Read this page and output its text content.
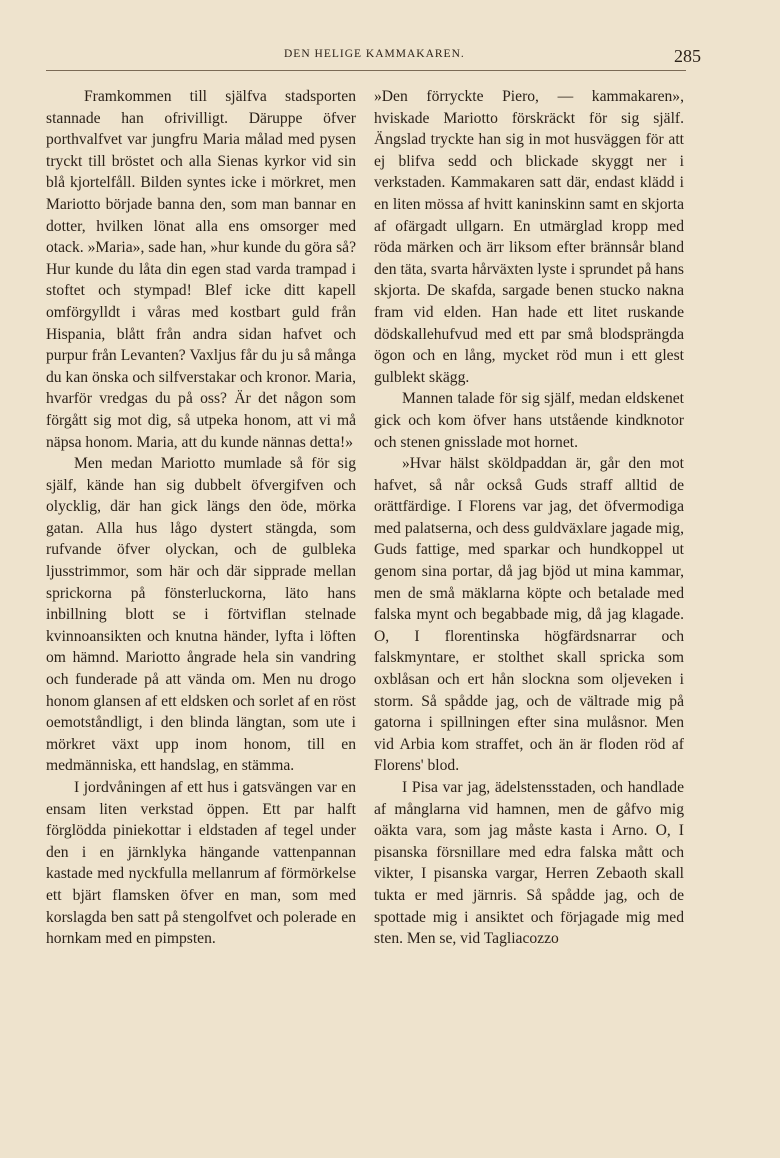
DEN HELIGE KAMMAKAREN.	285

Framkommen till själfva stadsporten stannade han ofrivilligt. Däruppe öfver porthvalfvet var jungfru Maria målad med pysen tryckt till bröstet och alla Sienas kyrkor vid sin blå kjortelfåll. Bilden syntes icke i mörkret, men Mariotto började banna den, som man bannar en dotter, hvilken lönat alla ens omsorger med otack. »Maria», sade han, »hur kunde du göra så? Hur kunde du låta din egen stad varda trampad i stoftet och stympad! Blef icke ditt kapell omförgylldt i våras med kostbart guld från Hispania, blått från andra sidan hafvet och purpur från Levanten? Vaxljus får du ju så många du kan önska och silfverstakar och kronor. Maria, hvarför vredgas du på oss? Är det någon som förgått sig mot dig, så utpeka honom, att vi må näpsa honom. Maria, att du kunde nännas detta!»

Men medan Mariotto mumlade så för sig själf, kände han sig dubbelt öfvergifven och olycklig, där han gick längs den öde, mörka gatan. Alla hus lågo dystert stängda, som rufvande öfver olyckan, och de gulbleka ljusstrimmor, som här och där sipprade mellan sprickorna på fönsterluckorna, läto hans inbillning blott se i förtviflan stelnade kvinnoansikten och knutna händer, lyfta i löften om hämnd. Mariotto ångrade hela sin vandring och funderade på att vända om. Men nu drogo honom glansen af ett eldsken och sorlet af en röst oemotståndligt, i den blinda längtan, som ute i mörkret växt upp inom honom, till en medmänniska, ett handslag, en stämma.

I jordvåningen af ett hus i gatsvängen var en ensam liten verkstad öppen. Ett par halft förglödda piniekottar i eldstaden af tegel under den i en järnklyka hängande vattenpannan kastade med nyckfulla mellanrum af förmörkelse ett bjärt flamsken öfver en man, som med korslagda ben satt på stengolfvet och polerade en hornkam med en pimpsten.

»Den förryckte Piero, — kammakaren», hviskade Mariotto förskräckt för sig själf. Ängslad tryckte han sig in mot husväggen för att ej blifva sedd och blickade skyggt ner i verkstaden. Kammakaren satt där, endast klädd i en liten mössa af hvitt kaninskinn samt en skjorta af ofärgadt ullgarn. En utmärglad kropp med röda märken och ärr liksom efter brännsår bland den täta, svarta hårväxten lyste i sprundet på hans skjorta. De skafda, sargade benen stucko nakna fram vid elden. Han hade ett litet ruskande dödskallehufvud med ett par små blodsprängda ögon och en lång, mycket röd mun i ett glest gulblekt skägg.

Mannen talade för sig själf, medan eldskenet gick och kom öfver hans utstående kindknotor och stenen gnisslade mot hornet.

»Hvar hälst sköldpaddan är, går den mot hafvet, så når också Guds straff alltid de orättfärdige. I Florens var jag, det öfvermodiga med palatserna, och dess guldväxlare jagade mig, Guds fattige, med sparkar och hundkoppel ut genom sina portar, då jag bjöd ut mina kammar, men de små mäklarna köpte och betalade med falska mynt och begabbade mig, då jag klagade. O, I florentinska högfärdsnarrar och falskmyntare, er stolthet skall spricka som oxblåsan och ert hån slockna som oljeveken i storm. Så spådde jag, och de vältrade mig på gatorna i spillningen efter sina mulåsnor. Men vid Arbia kom straffet, och än är floden röd af Florens' blod.

I Pisa var jag, ädelstensstaden, och handlade af månglarna vid hamnen, men de gåfvo mig oäkta vara, som jag måste kasta i Arno. O, I pisanska försnillare med edra falska mått och vikter, I pisanska vargar, Herren Zebaoth skall tukta er med järnris. Så spådde jag, och de spottade mig i ansiktet och förjagade mig med sten. Men se, vid Tagliacozzo
